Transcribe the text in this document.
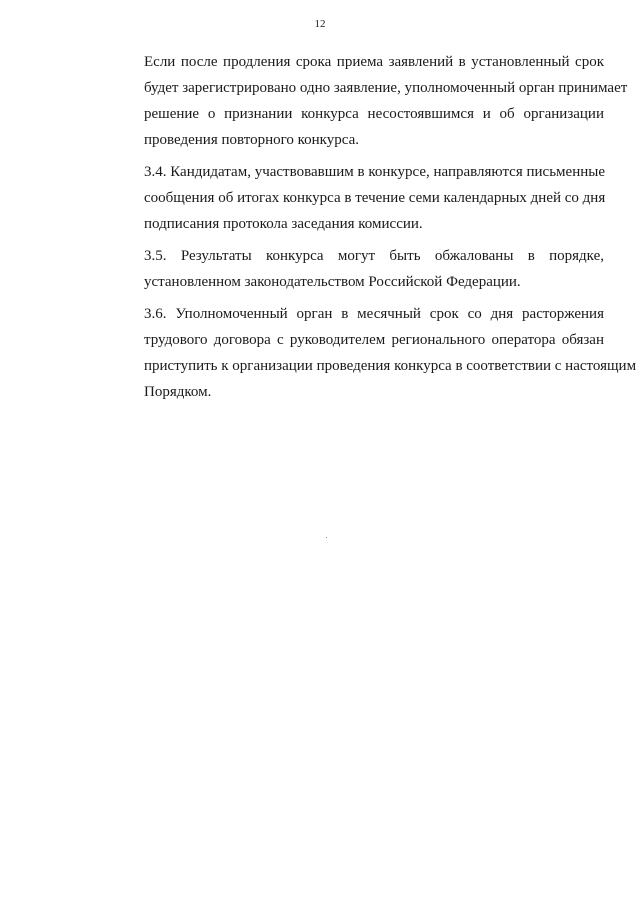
12

Если после продления срока приема заявлений в установленный срок
будет зарегистрировано одно заявление, уполномоченный орган принимает
решение о признании конкурса несостоявшимся и об организации
проведения повторного конкурса.

3.4. Кандидатам, участвовавшим в конкурсе, направляются письменные
сообщения об итогах конкурса в течение семи календарных дней со дня
подписания протокола заседания комиссии.

3.5. Результаты конкурса могут быть обжалованы в порядке,
установленном законодательством Российской Федерации.

3.6. Уполномоченный орган в месячный срок со дня расторжения
трудового договора с руководителем регионального оператора обязан
приступить к организации проведения конкурса в соответствии с настоящим
Порядком.
